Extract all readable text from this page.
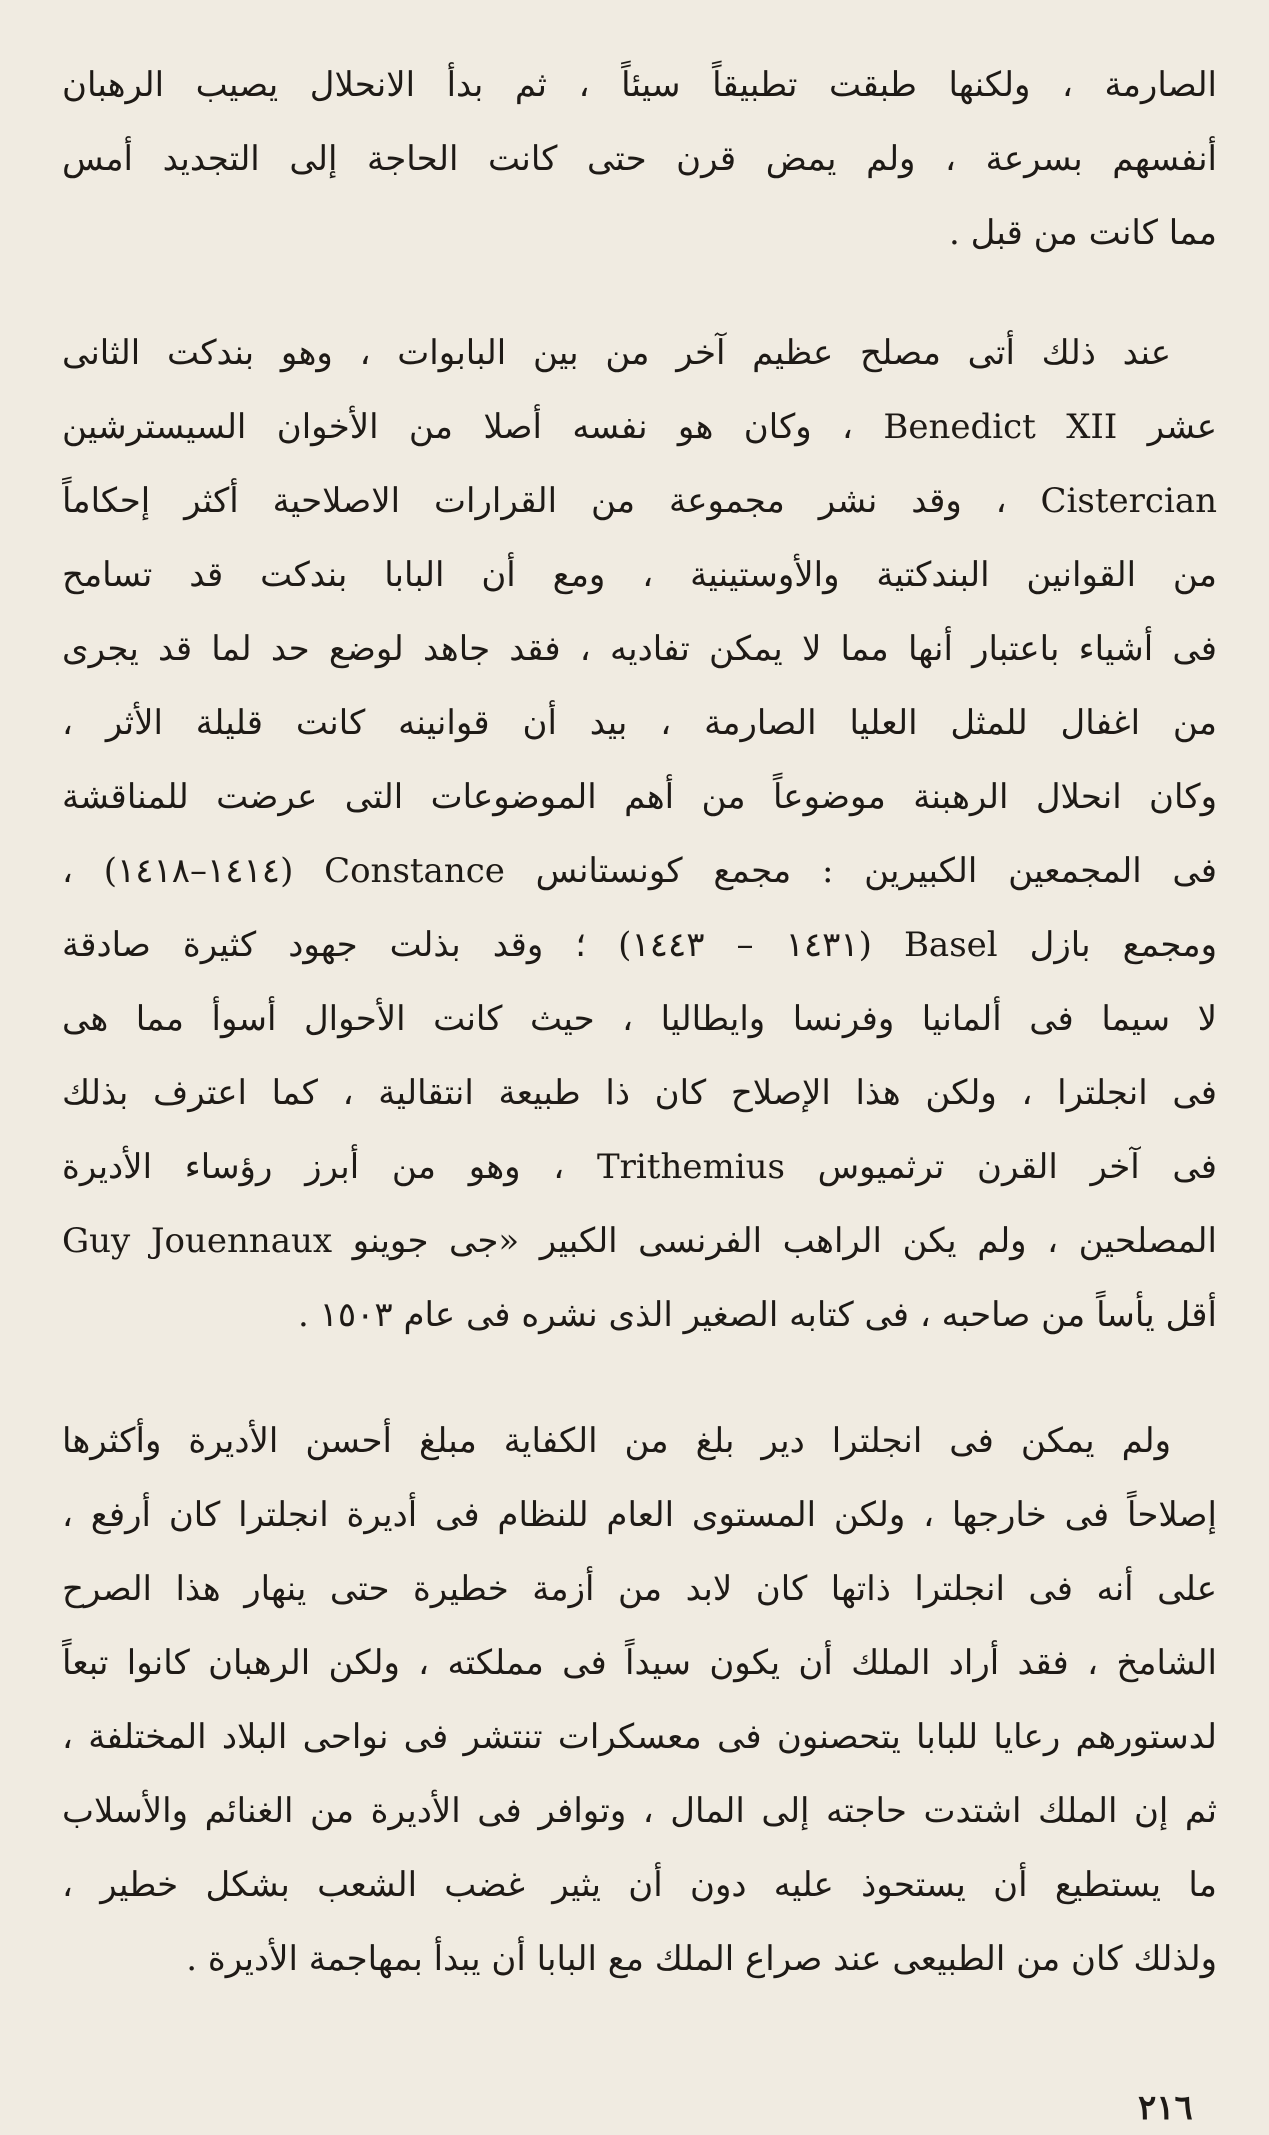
الصارمة ، ولكنها طبقت تطبيقاً سيئاً ، ثم بدأ الانحلال يصيب الرهبان
أنفسهم بسرعة ، ولم يمض قرن حتى كانت الحاجة إلى التجديد أمس
مما كانت من قبل .
عند ذلك أتى مصلح عظيم آخر من بين البابوات ، وهو بندكت الثانى
عشر Benedict XII ، وكان هو نفسه أصلا من الأخوان السيسترشين
Cistercian ، وقد نشر مجموعة من القرارات الاصلاحية أكثر إحكاماً
من القوانين البندكتية والأوستينية ، ومع أن البابا بندكت قد تسامح
فى أشياء باعتبار أنها مما لا يمكن تفاديه ، فقد جاهد لوضع حد لما قد يجرى
من اغفال للمثل العليا الصارمة ، بيد أن قوانينه كانت قليلة الأثر ،
وكان انحلال الرهبنة موضوعاً من أهم الموضوعات التى عرضت للمناقشة
فى المجمعين الكبيرين : مجمع كونستانس Constance (١٤١٤–١٤١٨) ،
ومجمع بازل Basel (١٤٣١ – ١٤٤٣) ؛ وقد بذلت جهود كثيرة صادقة
لا سيما فى ألمانيا وفرنسا وايطاليا ، حيث كانت الأحوال أسوأ مما هى
فى انجلترا ، ولكن هذا الإصلاح كان ذا طبيعة انتقالية ، كما اعترف بذلك
فى آخر القرن ترثميوس Trithemius ، وهو من أبرز رؤساء الأديرة
المصلحين ، ولم يكن الراهب الفرنسى الكبير «جى جوينو Guy Jouennaux
أقل يأساً من صاحبه ، فى كتابه الصغير الذى نشره فى عام ١٥٠٣ .
ولم يمكن فى انجلترا دير بلغ من الكفاية مبلغ أحسن الأديرة وأكثرها
إصلاحاً فى خارجها ، ولكن المستوى العام للنظام فى أديرة انجلترا كان أرفع ،
على أنه فى انجلترا ذاتها كان لابد من أزمة خطيرة حتى ينهار هذا الصرح
الشامخ ، فقد أراد الملك أن يكون سيداً فى مملكته ، ولكن الرهبان كانوا تبعاً
لدستورهم رعايا للبابا يتحصنون فى معسكرات تنتشر فى نواحى البلاد المختلفة ،
ثم إن الملك اشتدت حاجته إلى المال ، وتوافر فى الأديرة من الغنائم والأسلاب
ما يستطيع أن يستحوذ عليه دون أن يثير غضب الشعب بشكل خطير ،
ولذلك كان من الطبيعى عند صراع الملك مع البابا أن يبدأ بمهاجمة الأديرة .
٢١٦
